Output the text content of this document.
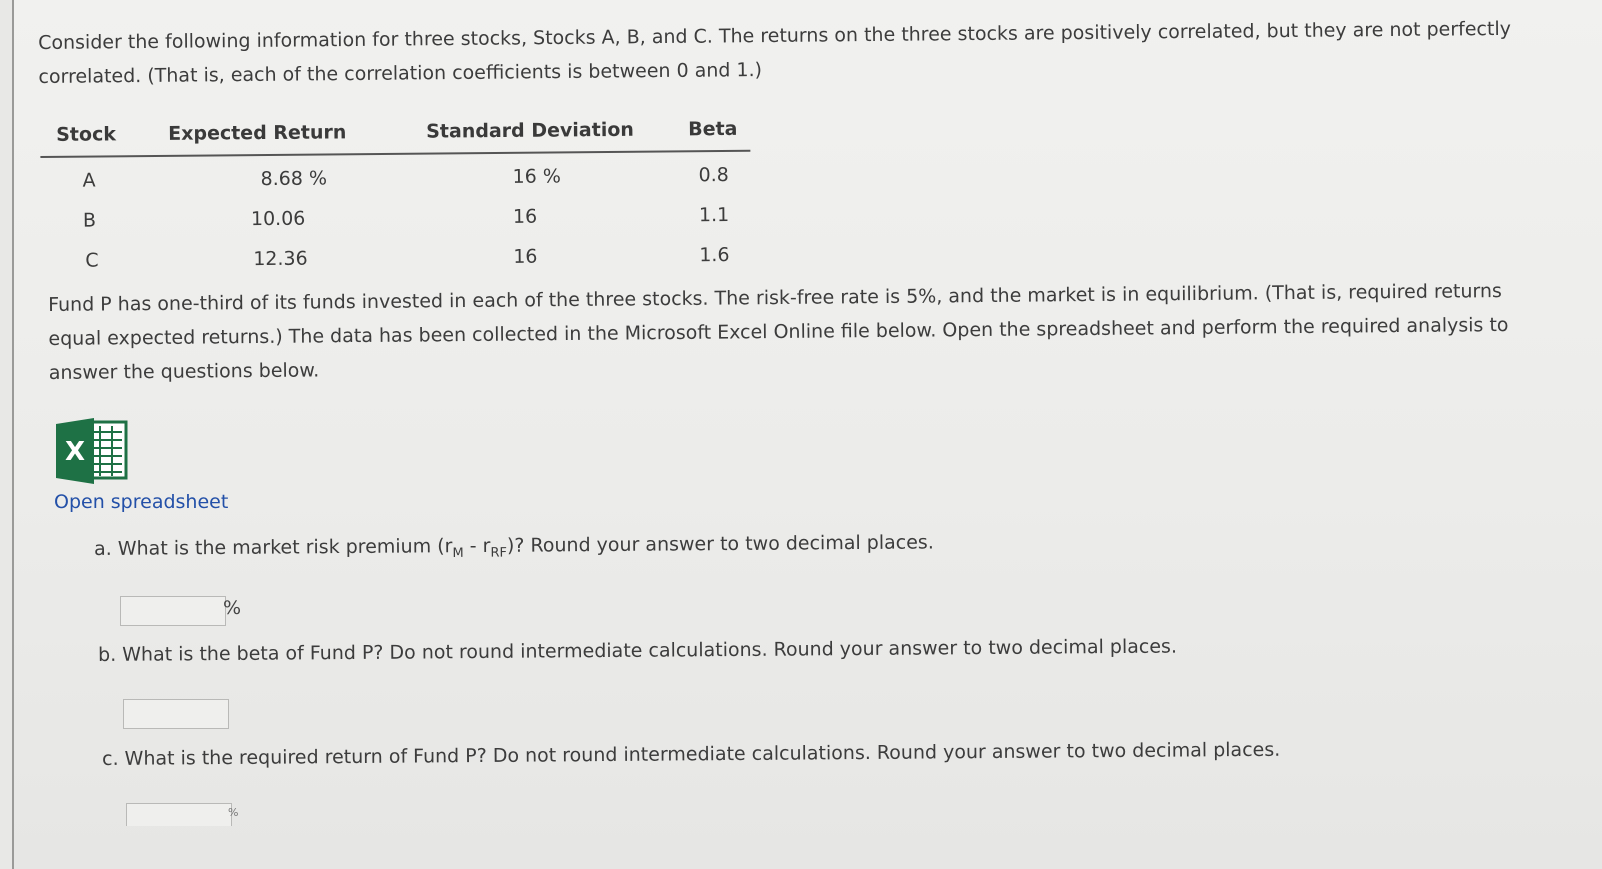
Consider the following information for three stocks, Stocks A, B, and C. The returns on the three stocks are positively correlated, but they are not perfectly correlated. (That is, each of the correlation coefficients is between 0 and 1.)

Stock	Expected Return	Standard Deviation	Beta
A	8.68 %	16 %	0.8
B	10.06	16	1.1
C	12.36	16	1.6

Fund P has one-third of its funds invested in each of the three stocks. The risk-free rate is 5%, and the market is in equilibrium. (That is, required returns equal expected returns.) The data has been collected in the Microsoft Excel Online file below. Open the spreadsheet and perform the required analysis to answer the questions below.

X
Open spreadsheet
a. What is the market risk premium $(r_M - r_{RF})$? Round your answer to two decimal places.
%
b. What is the beta of Fund P? Do not round intermediate calculations. Round your answer to two decimal places.
c. What is the required return of Fund P? Do not round intermediate calculations. Round your answer to two decimal places.
%
